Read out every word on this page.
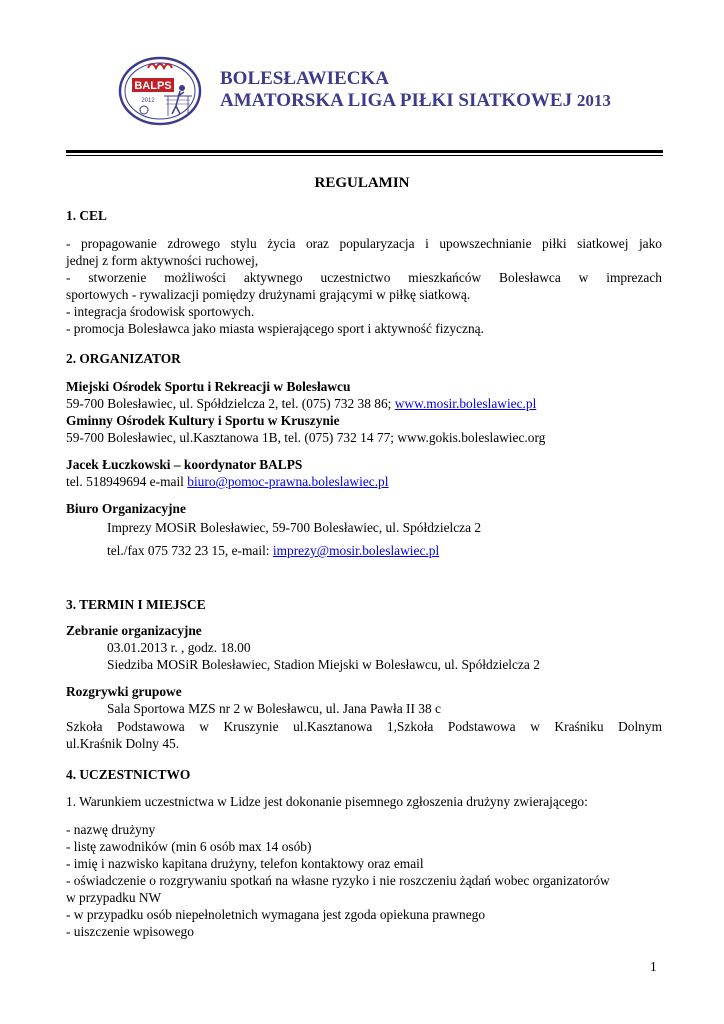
BALPS
2012
BOLESŁAWIECKA
AMATORSKA LIGA PIŁKI SIATKOWEJ 2013
REGULAMIN
1. CEL
- propagowanie zdrowego stylu życia oraz popularyzacja i upowszechnianie piłki siatkowej jako
jednej z form aktywności ruchowej,
- stworzenie możliwości aktywnego uczestnictwo mieszkańców Bolesławca w imprezach
sportowych - rywalizacji pomiędzy drużynami grającymi w piłkę siatkową.
- integracja środowisk sportowych.
- promocja Bolesławca jako miasta wspierającego sport i aktywność fizyczną.
2. ORGANIZATOR
Miejski Ośrodek Sportu i Rekreacji w Bolesławcu
59-700 Bolesławiec, ul. Spółdzielcza 2, tel. (075) 732 38 86; www.mosir.boleslawiec.pl
Gminny Ośrodek Kultury i Sportu w Kruszynie
59-700 Bolesławiec, ul.Kasztanowa 1B, tel. (075) 732 14 77; www.gokis.boleslawiec.org
Jacek Łuczkowski – koordynator BALPS
tel. 518949694 e-mail biuro@pomoc-prawna.boleslawiec.pl
Biuro Organizacyjne
Imprezy MOSiR Bolesławiec, 59-700 Bolesławiec, ul. Spółdzielcza 2
tel./fax 075 732 23 15, e-mail: imprezy@mosir.boleslawiec.pl
3. TERMIN I MIEJSCE
Zebranie organizacyjne
03.01.2013 r. , godz. 18.00
Siedziba MOSiR Bolesławiec, Stadion Miejski w Bolesławcu, ul. Spółdzielcza 2
Rozgrywki grupowe
Sala Sportowa MZS nr 2 w Bolesławcu, ul. Jana Pawła II 38 c
Szkoła Podstawowa w Kruszynie ul.Kasztanowa 1,Szkoła Podstawowa w Kraśniku Dolnym
ul.Kraśnik Dolny 45.
4. UCZESTNICTWO
1. Warunkiem uczestnictwa w Lidze jest dokonanie pisemnego zgłoszenia drużyny zwierającego:
- nazwę drużyny
- listę zawodników (min 6 osób max 14 osób)
- imię i nazwisko kapitana drużyny, telefon kontaktowy oraz email
- oświadczenie o rozgrywaniu spotkań na własne ryzyko i nie roszczeniu żądań wobec organizatorów
w przypadku NW
- w przypadku osób niepełnoletnich wymagana jest zgoda opiekuna prawnego
- uiszczenie wpisowego
1
